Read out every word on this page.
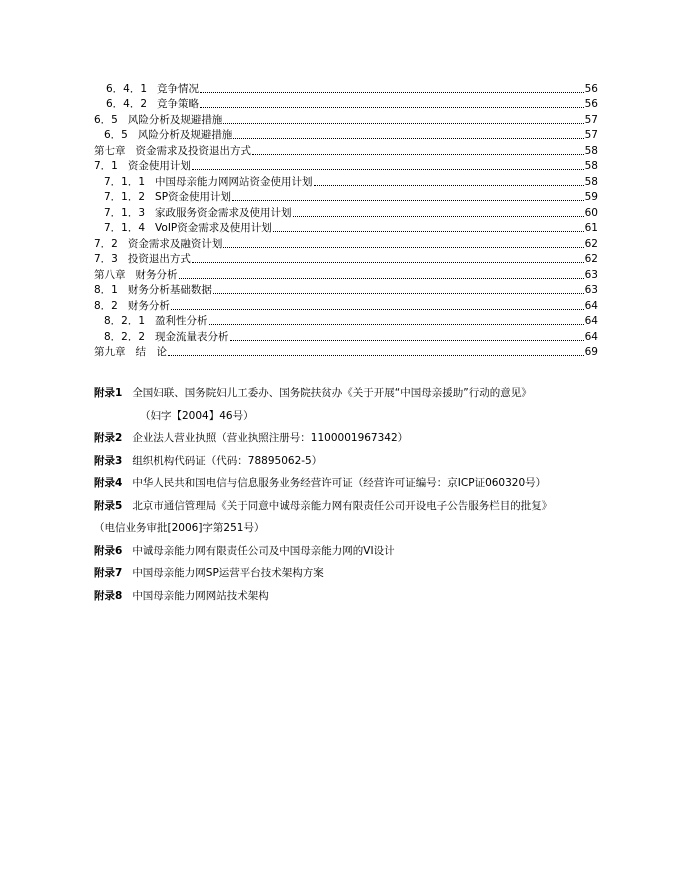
6．4．1 竞争情况	56
6．4．2 竞争策略	56
6．5 风险分析及规避措施	57
6．5 风险分析及规避措施	57
第七章 资金需求及投资退出方式	58
7．1 资金使用计划	58
7．1．1 中国母亲能力网网站资金使用计划	58
7．1．2 SP资金使用计划	59
7．1．3 家政服务资金需求及使用计划	60
7．1．4 VoIP资金需求及使用计划	61
7．2 资金需求及融资计划	62
7．3 投资退出方式	62
第八章 财务分析	63
8．1 财务分析基础数据	63
8．2 财务分析	64
8．2．1 盈利性分析	64
8．2．2 现金流量表分析	64
第九章 结　论	69
附录1 全国妇联、国务院妇儿工委办、国务院扶贫办《关于开展“中国母亲援助”行动的意见》
（妇字【2004】46号）
附录2 企业法人营业执照（营业执照注册号：1100001967342）
附录3 组织机构代码证（代码：78895062-5）
附录4 中华人民共和国电信与信息服务业务经营许可证（经营许可证编号：京ICP证060320号）
附录5 北京市通信管理局《关于同意中诚母亲能力网有限责任公司开设电子公告服务栏目的批复》
（电信业务审批[2006]字第251号）
附录6 中诚母亲能力网有限责任公司及中国母亲能力网的VI设计
附录7 中国母亲能力网SP运营平台技术架构方案
附录8 中国母亲能力网网站技术架构
